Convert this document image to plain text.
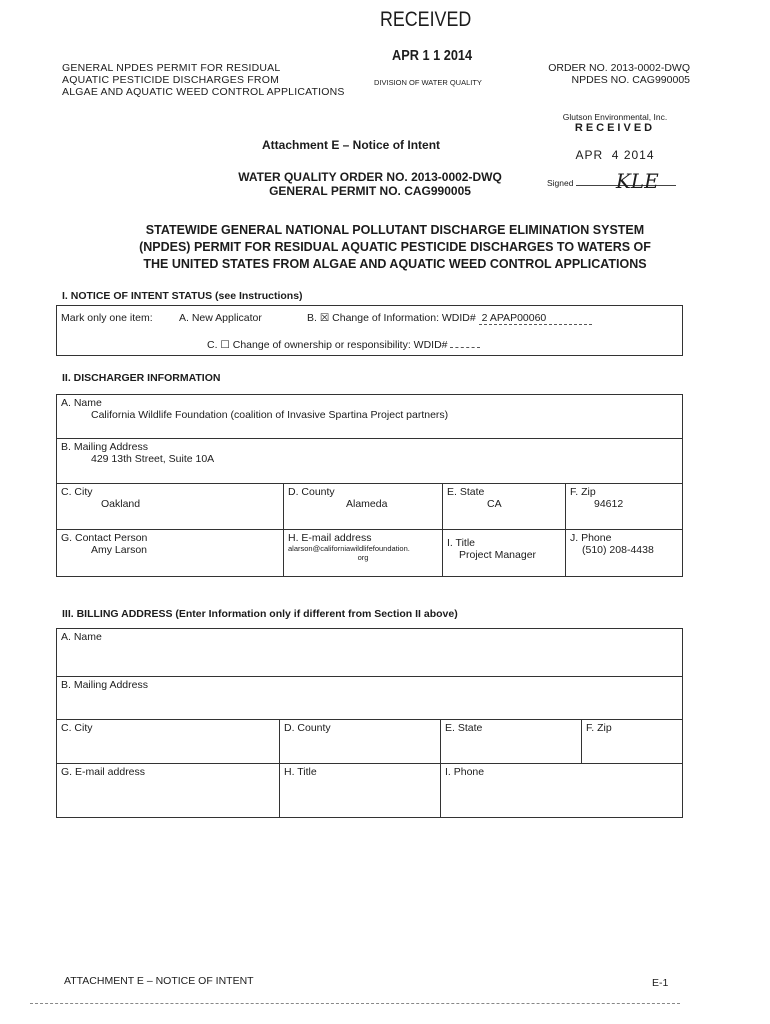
RECEIVED
APR 1 1 2014
DIVISION OF WATER QUALITY
GENERAL NPDES PERMIT FOR RESIDUAL
AQUATIC PESTICIDE DISCHARGES FROM
ALGAE AND AQUATIC WEED CONTROL APPLICATIONS
ORDER NO. 2013-0002-DWQ
NPDES NO. CAG990005
Glutson Environmental, Inc.
RECEIVED
APR  4 2014
Signed KLE
Attachment E – Notice of Intent
WATER QUALITY ORDER NO. 2013-0002-DWQ
GENERAL PERMIT NO. CAG990005
STATEWIDE GENERAL NATIONAL POLLUTANT DISCHARGE ELIMINATION SYSTEM
(NPDES) PERMIT FOR RESIDUAL AQUATIC PESTICIDE DISCHARGES TO WATERS OF
THE UNITED STATES FROM ALGAE AND AQUATIC WEED CONTROL APPLICATIONS
I. NOTICE OF INTENT STATUS (see Instructions)
Mark only one item:	A. New Applicator	B. ☒ Change of Information: WDID# 2 APAP00060
C. ☐ Change of ownership or responsibility: WDID#
II. DISCHARGER INFORMATION
A. Name
California Wildlife Foundation (coalition of Invasive Spartina Project partners)
B. Mailing Address
429 13th Street, Suite 10A
C. City
Oakland
D. County
Alameda
E. State
CA
F. Zip
94612
G. Contact Person
Amy Larson
H. E-mail address
alarson@californiawildlifefoundation.
org
I. Title
Project Manager
J. Phone
(510) 208-4438
III. BILLING ADDRESS (Enter Information only if different from Section II above)
A. Name
B. Mailing Address
C. City	D. County	E. State	F. Zip
G. E-mail address	H. Title	I. Phone
ATTACHMENT E – NOTICE OF INTENT	E-1
